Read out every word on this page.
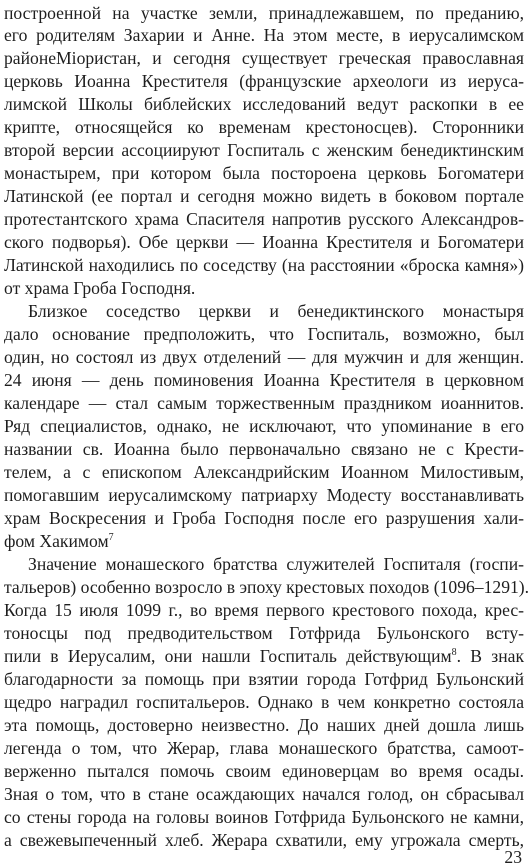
построенной на участке земли, принадлежавшем, по преданию,
его родителям Захарии и Анне. На этом месте, в иерусалимском
районеМіористан, и сегодня существует греческая православная
церковь Иоанна Крестителя (французские археологи из иеруса-
лимской Школы библейских исследований ведут раскопки в ее
крипте, относящейся ко временам крестоносцев). Сторонники
второй версии ассоциируют Госпиталь с женским бенедиктинским
монастырем, при котором была постороена церковь Богоматери
Латинской (ее портал и сегодня можно видеть в боковом портале
протестантского храма Спасителя напротив русского Александров-
ского подворья). Обе церкви — Иоанна Крестителя и Богоматери
Латинской находились по соседству (на расстоянии «броска камня»)
от храма Гроба Господня.
Близкое соседство церкви и бенедиктинского монастыря
дало основание предположить, что Госпиталь, возможно, был
один, но состоял из двух отделений — для мужчин и для женщин.
24 июня — день поминовения Иоанна Крестителя в церковном
календаре — стал самым торжественным праздником иоаннитов.
Ряд специалистов, однако, не исключают, что упоминание в его
названии св. Иоанна было первоначально связано не с Крести-
телем, а с епископом Александрийским Иоанном Милостивым,
помогавшим иерусалимскому патриарху Модесту восстанавливать
храм Воскресения и Гроба Господня после его разрушения хали-
фом Хакимом$^7$
Значение монашеского братства служителей Госпиталя (госпи-
тальеров) особенно возросло в эпоху крестовых походов (1096–1291).
Когда 15 июля 1099 г., во время первого крестового похода, крес-
тоносцы под предводительством Готфрида Бульонского всту-
пили в Иерусалим, они нашли Госпиталь действующим$^8$. В знак
благодарности за помощь при взятии города Готфрид Бульонский
щедро наградил госпитальеров. Однако в чем конкретно состояла
эта помощь, достоверно неизвестно. До наших дней дошла лишь
легенда о том, что Жерар, глава монашеского братства, самоот-
верженно пытался помочь своим единоверцам во время осады.
Зная о том, что в стане осаждающих начался голод, он сбрасывал
со стены города на головы воинов Готфрида Бульонского не камни,
а свежевыпеченный хлеб. Жерара схватили, ему угрожала смерть,
23
